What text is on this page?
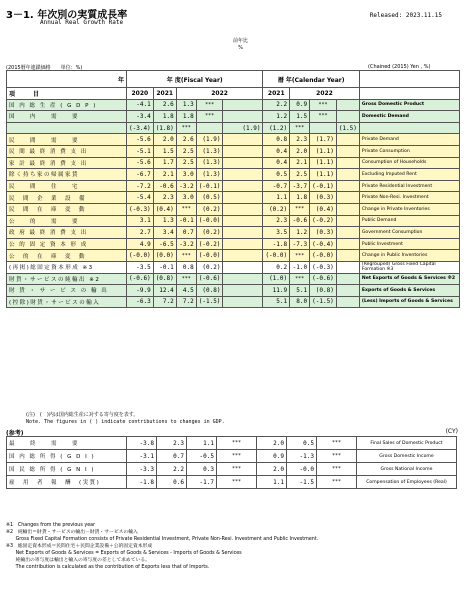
3－1. 年次別の実質成長率
Annual Real Growth Rate
Released: 2023.11.15
前年比
%
(2015暦年連鎖価格　　単位：%)	(Chained (2015) Yen , %)
年	年 度(Fiscal Year)					暦 年(Calendar Year)				
項　　　目	2020	2021	2022			2021	2022			
国 内 総 生 産 ( G D P )	-4.1	2.6	1.3	***		2.2	0.9	***		Gross Domestic Product
国　　内　　需　　要	-3.4	1.8	1.8	***		1.2	1.5	***		Domestic Demand
	(-3.4)	(1.8)	***		(1.9)	(1.2)	***		(1.5)	
民　　間　　需　　要	-5.6	2.0	2.6	(1.9)		0.8	2.3	(1.7)		Private Demand
民 間 最 終 消 費 支 出	-5.1	1.5	2.5	(1.3)		0.4	2.0	(1.1)		Private Consumption
家 計 最 終 消 費 支 出	-5.6	1.7	2.5	(1.3)		0.4	2.1	(1.1)		Consumption of Households
除く持ち家の帰属家賃	-6.7	2.1	3.0	(1.3)		0.5	2.5	(1.1)		Excluding Imputed Rent
民　　間　　住　　宅	-7.2	-0.6	-3.2	(-0.1)		-0.7	-3.7	(-0.1)		Private Residential Investment
民　間　企　業　設　備	-5.4	2.3	3.0	(0.5)		1.1	1.8	(0.3)		Private Non-Resi. Investment
民　間　在　庫　変　動	(-0.3)	(0.4)	***	(0.2)		(0.2)	***	(0.4)		Change in Private Inventories
公　　的　　需　　要	3.1	1.3	-0.1	(-0.0)		2.3	-0.6	(-0.2)		Public Demand
政 府 最 終 消 費 支 出	2.7	3.4	0.7	(0.2)		3.5	1.2	(0.3)		Government Consumption
公 的 固 定 資 本 形 成	4.9	-6.5	-3.2	(-0.2)		-1.8	-7.3	(-0.4)		Public Investment
公　的　在　庫　変　動	(-0.0)	(0.0)	***	(-0.0)		(-0.0)	***	(-0.0)		Change in Public Inventories
(再掲)総固定資本形成 ※3	-3.5	-0.1	0.8	(0.2)		0.2	-1.0	(-0.3)		(Regrouped) Gross Fixed Capital Formation ※3
財貨・サービスの純輸出 ※2	(-0.6)	(0.8)	***	(-0.6)		(1.0)	***	(-0.6)		Net Exports of Goods & Services ※2
財 貨 ・ サ ー ビ ス の 輸 出	-9.9	12.4	4.5	(0.8)		11.9	5.1	(0.8)		Exports of Goods & Services
(控除)財貨・サービスの輸入	-6.3	7.2	7.2	(-1.5)		5.1	8.0	(-1.5)		(Less) Imports of Goods & Services
(注)　(　)内は国内総生産に対する寄与度を表す。
Note. The figures in ( ) indicate contributions to changes in GDP.
(参考)	(CY)
最　　終　　需　　要	-3.8	2.3	1.1	***	2.0	0.5	***	Final Sales of Domestic Product
国 内 総 所 得 ( G D I )	-3.1	0.7	-0.5	***	0.9	-1.3	***	Gross Domestic Income
国 民 総 所 得 ( G N I )	-3.3	2.2	0.3	***	2.0	-0.0	***	Gross National Income
雇　用　者　報　酬　(実質)	-1.8	0.6	-1.7	***	1.1	-1.5	***	Compensation of Employees (Real)
※1　Changes from the previous year
※2　純輸出＝財貨・サービスの輸出－財貨・サービスの輸入
　　Gross Fixed Capital Formation consists of Private Residential Investment, Private Non-Resi. Investment and Public Investment.
※3　総固定資本形成＝民間住宅＋民間企業設備＋公的固定資本形成
　　Net Exports of Goods & Services = Exports of Goods & Services - Imports of Goods & Services
　　純輸出の寄与度は輸出と輸入の寄与度の差として求めている。
　　The contribution is calculated as the contribution of Exports less that of Imports.
